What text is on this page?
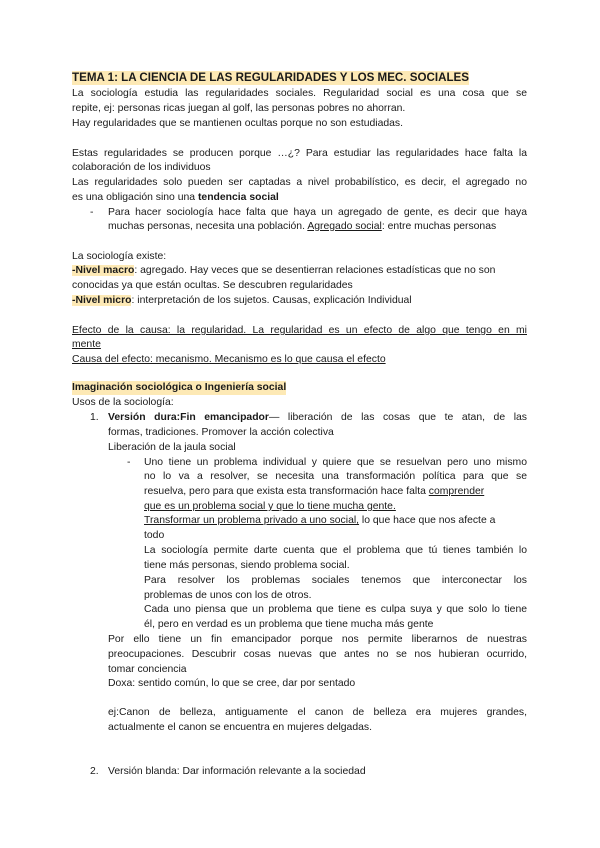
TEMA 1: LA CIENCIA DE LAS REGULARIDADES Y LOS MEC. SOCIALES
La sociología estudia las regularidades sociales. Regularidad social es una cosa que se
repite, ej: personas ricas juegan al golf, las personas pobres no ahorran.
Hay regularidades que se mantienen ocultas porque no son estudiadas.
Estas regularidades se producen porque …¿? Para estudiar las regularidades hace falta la
colaboración de los individuos
Las regularidades solo pueden ser captadas a nivel probabilístico, es decir, el agregado no
es una obligación sino una tendencia social
- Para hacer sociología hace falta que haya un agregado de gente, es decir que haya
muchas personas, necesita una población. Agregado social: entre muchas personas
La sociología existe:
-Nivel macro: agregado. Hay veces que se desentierran relaciones estadísticas que no son
conocidas ya que están ocultas. Se descubren regularidades
-Nivel micro: interpretación de los sujetos. Causas, explicación Individual
Efecto de la causa: la regularidad. La regularidad es un efecto de algo que tengo en mi
mente
Causa del efecto: mecanismo. Mecanismo es lo que causa el efecto
Imaginación sociológica o Ingeniería social
Usos de la sociología:
1. Versión dura:Fin emancipador— liberación de las cosas que te atan, de las
formas, tradiciones. Promover la acción colectiva
Liberación de la jaula social
- Uno tiene un problema individual y quiere que se resuelvan pero uno mismo
no lo va a resolver, se necesita una transformación política para que se
resuelva, pero para que exista esta transformación hace falta comprender
que es un problema social y que lo tiene mucha gente.
Transformar un problema privado a uno social, lo que hace que nos afecte a
todo
La sociología permite darte cuenta que el problema que tú tienes también lo
tiene más personas, siendo problema social.
Para resolver los problemas sociales tenemos que interconectar los
problemas de unos con los de otros.
Cada uno piensa que un problema que tiene es culpa suya y que solo lo tiene
él, pero en verdad es un problema que tiene mucha más gente
Por ello tiene un fin emancipador porque nos permite liberarnos de nuestras
preocupaciones. Descubrir cosas nuevas que antes no se nos hubieran ocurrido,
tomar conciencia
Doxa: sentido común, lo que se cree, dar por sentado
ej:Canon de belleza, antiguamente el canon de belleza era mujeres grandes,
actualmente el canon se encuentra en mujeres delgadas.
2. Versión blanda: Dar información relevante a la sociedad
